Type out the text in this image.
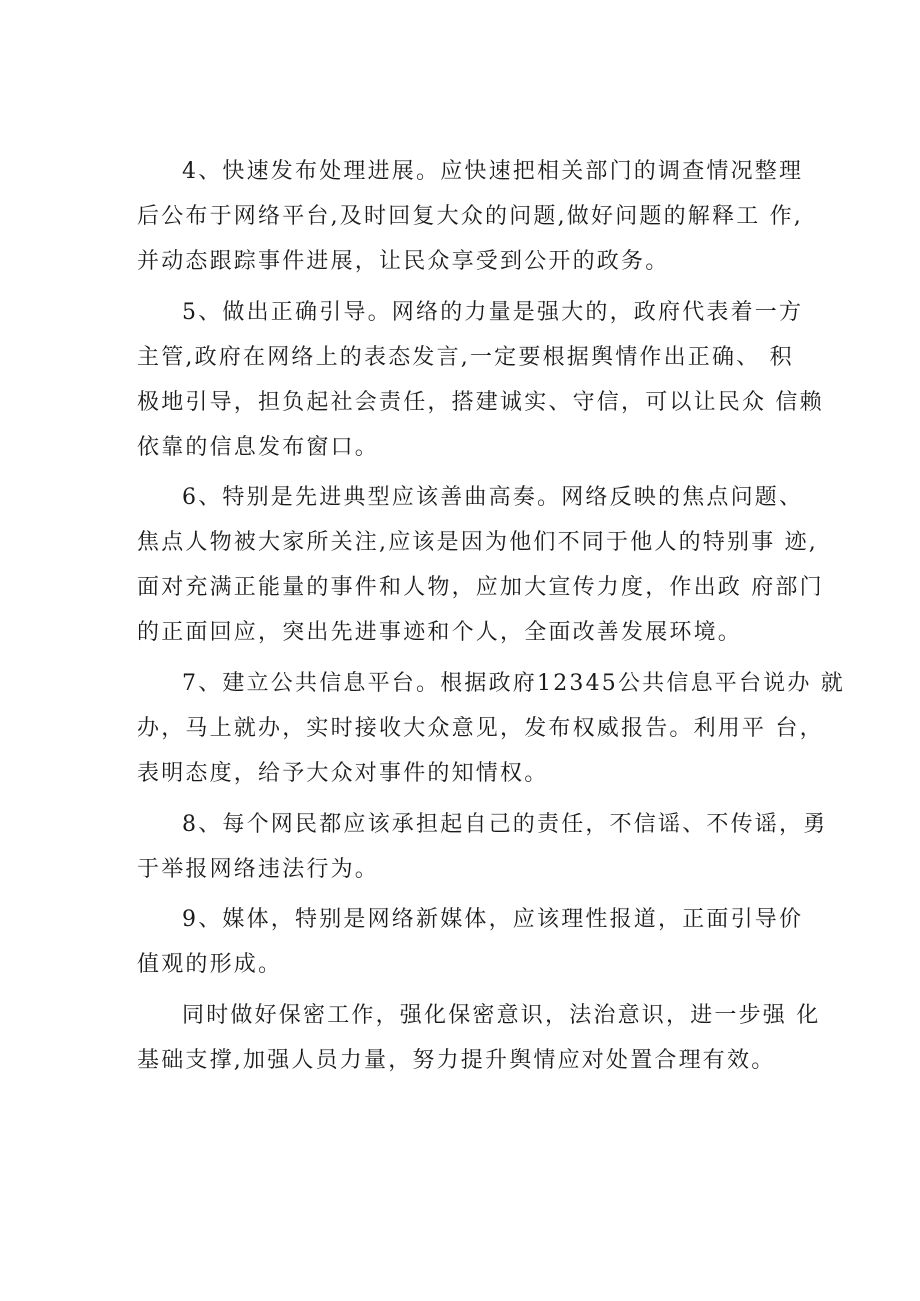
4、快速发布处理进展。应快速把相关部门的调查情况整理
后公布于网络平台,及时回复大众的问题,做好问题的解释工 作,
并动态跟踪事件进展，让民众享受到公开的政务。
5、做出正确引导。网络的力量是强大的，政府代表着一方
主管,政府在网络上的表态发言,一定要根据舆情作出正确、 积
极地引导，担负起社会责任，搭建诚实、守信，可以让民众 信赖
依靠的信息发布窗口。
6、特别是先进典型应该善曲高奏。网络反映的焦点问题、
焦点人物被大家所关注,应该是因为他们不同于他人的特别事 迹,
面对充满正能量的事件和人物，应加大宣传力度，作出政 府部门
的正面回应，突出先进事迹和个人，全面改善发展环境。
7、建立公共信息平台。根据政府12345公共信息平台说办 就
办，马上就办，实时接收大众意见，发布权威报告。利用平 台，
表明态度，给予大众对事件的知情权。
8、每个网民都应该承担起自己的责任，不信谣、不传谣，勇
于举报网络违法行为。
9、媒体，特别是网络新媒体，应该理性报道，正面引导价
值观的形成。
同时做好保密工作，强化保密意识，法治意识，进一步强 化
基础支撑,加强人员力量，努力提升舆情应对处置合理有效。
